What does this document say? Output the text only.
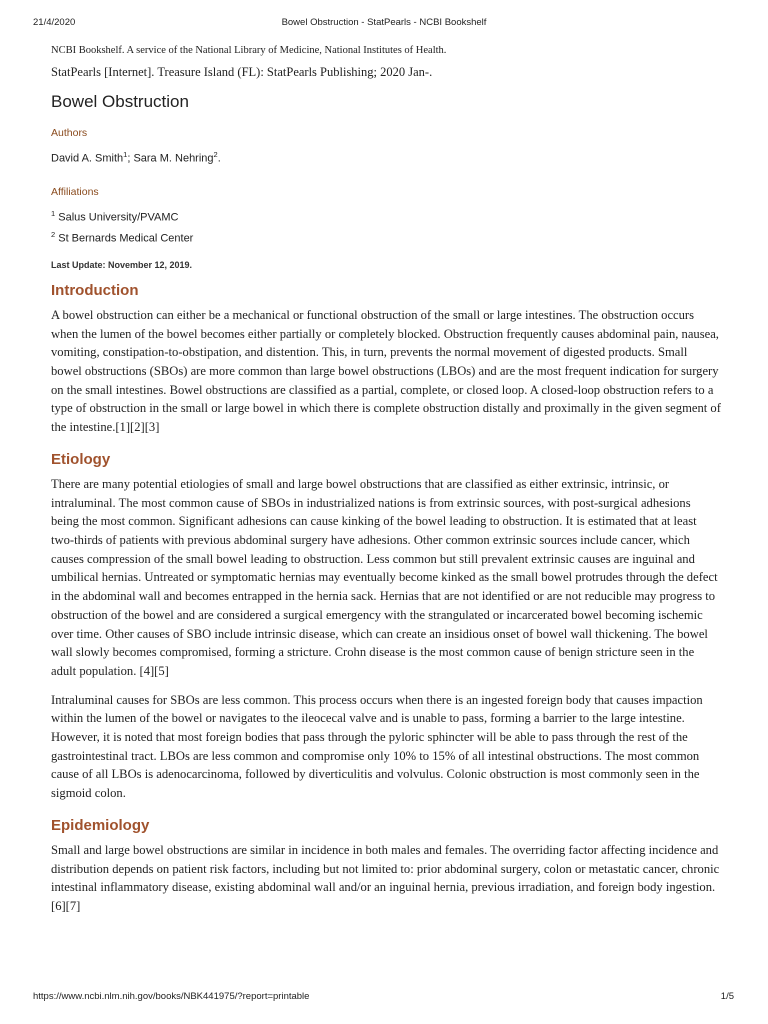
21/4/2020	Bowel Obstruction - StatPearls - NCBI Bookshelf

NCBI Bookshelf. A service of the National Library of Medicine, National Institutes of Health.

StatPearls [Internet]. Treasure Island (FL): StatPearls Publishing; 2020 Jan-.

Bowel Obstruction

Authors

David A. Smith$^1$; Sara M. Nehring$^2$.

Affiliations

$^1$ Salus University/PVAMC

$^2$ St Bernards Medical Center

Last Update: November 12, 2019.

Introduction

A bowel obstruction can either be a mechanical or functional obstruction of the small or large intestines. The obstruction occurs when the lumen of the bowel becomes either partially or completely blocked. Obstruction frequently causes abdominal pain, nausea, vomiting, constipation-to-obstipation, and distention. This, in turn, prevents the normal movement of digested products. Small bowel obstructions (SBOs) are more common than large bowel obstructions (LBOs) and are the most frequent indication for surgery on the small intestines. Bowel obstructions are classified as a partial, complete, or closed loop. A closed-loop obstruction refers to a type of obstruction in the small or large bowel in which there is complete obstruction distally and proximally in the given segment of the intestine.[1][2][3]

Etiology

There are many potential etiologies of small and large bowel obstructions that are classified as either extrinsic, intrinsic, or intraluminal. The most common cause of SBOs in industrialized nations is from extrinsic sources, with post-surgical adhesions being the most common. Significant adhesions can cause kinking of the bowel leading to obstruction. It is estimated that at least two-thirds of patients with previous abdominal surgery have adhesions. Other common extrinsic sources include cancer, which causes compression of the small bowel leading to obstruction. Less common but still prevalent extrinsic causes are inguinal and umbilical hernias. Untreated or symptomatic hernias may eventually become kinked as the small bowel protrudes through the defect in the abdominal wall and becomes entrapped in the hernia sack. Hernias that are not identified or are not reducible may progress to obstruction of the bowel and are considered a surgical emergency with the strangulated or incarcerated bowel becoming ischemic over time. Other causes of SBO include intrinsic disease, which can create an insidious onset of bowel wall thickening. The bowel wall slowly becomes compromised, forming a stricture. Crohn disease is the most common cause of benign stricture seen in the adult population. [4][5]

Intraluminal causes for SBOs are less common. This process occurs when there is an ingested foreign body that causes impaction within the lumen of the bowel or navigates to the ileocecal valve and is unable to pass, forming a barrier to the large intestine. However, it is noted that most foreign bodies that pass through the pyloric sphincter will be able to pass through the rest of the gastrointestinal tract. LBOs are less common and compromise only 10% to 15% of all intestinal obstructions. The most common cause of all LBOs is adenocarcinoma, followed by diverticulitis and volvulus. Colonic obstruction is most commonly seen in the sigmoid colon.

Epidemiology

Small and large bowel obstructions are similar in incidence in both males and females. The overriding factor affecting incidence and distribution depends on patient risk factors, including but not limited to: prior abdominal surgery, colon or metastatic cancer, chronic intestinal inflammatory disease, existing abdominal wall and/or an inguinal hernia, previous irradiation, and foreign body ingestion. [6][7]

https://www.ncbi.nlm.nih.gov/books/NBK441975/?report=printable	1/5
